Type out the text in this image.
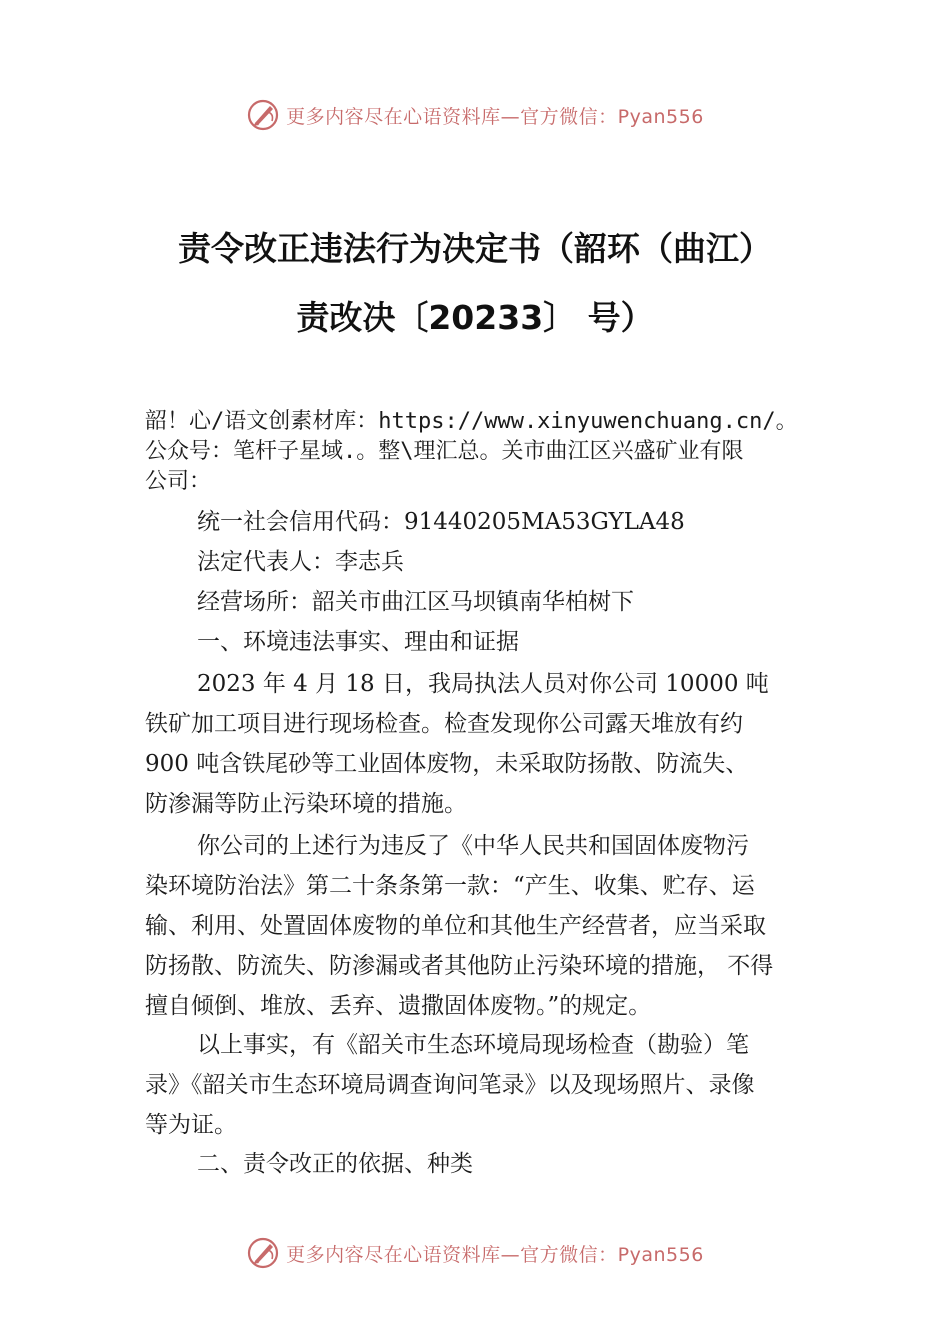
更多内容尽在心语资料库—官方微信：Pyan556
责令改正违法行为决定书（韶环（曲江）
责改决〔20233〕 号）
韶！心/语文创素材库：https://www.xinyuwenchuang.cn/。
公众号：笔杆子星域.。整\理汇总。关市曲江区兴盛矿业有限
公司：
统一社会信用代码：91440205MA53GYLA48
法定代表人：李志兵
经营场所：韶关市曲江区马坝镇南华柏树下
一、环境违法事实、理由和证据
2023 年 4 月 18 日，我局执法人员对你公司 10000 吨
铁矿加工项目进行现场检查。检查发现你公司露天堆放有约
900 吨含铁尾砂等工业固体废物，未采取防扬散、防流失、
防渗漏等防止污染环境的措施。
你公司的上述行为违反了《中华人民共和国固体废物污
染环境防治法》第二十条条第一款：“产生、收集、贮存、运
输、利用、处置固体废物的单位和其他生产经营者，应当采取
防扬散、防流失、防渗漏或者其他防止污染环境的措施， 不得
擅自倾倒、堆放、丢弃、遗撒固体废物。”的规定。
以上事实，有《韶关市生态环境局现场检查（勘验）笔
录》《韶关市生态环境局调查询问笔录》以及现场照片、录像
等为证。
二、责令改正的依据、种类
更多内容尽在心语资料库—官方微信：Pyan556
